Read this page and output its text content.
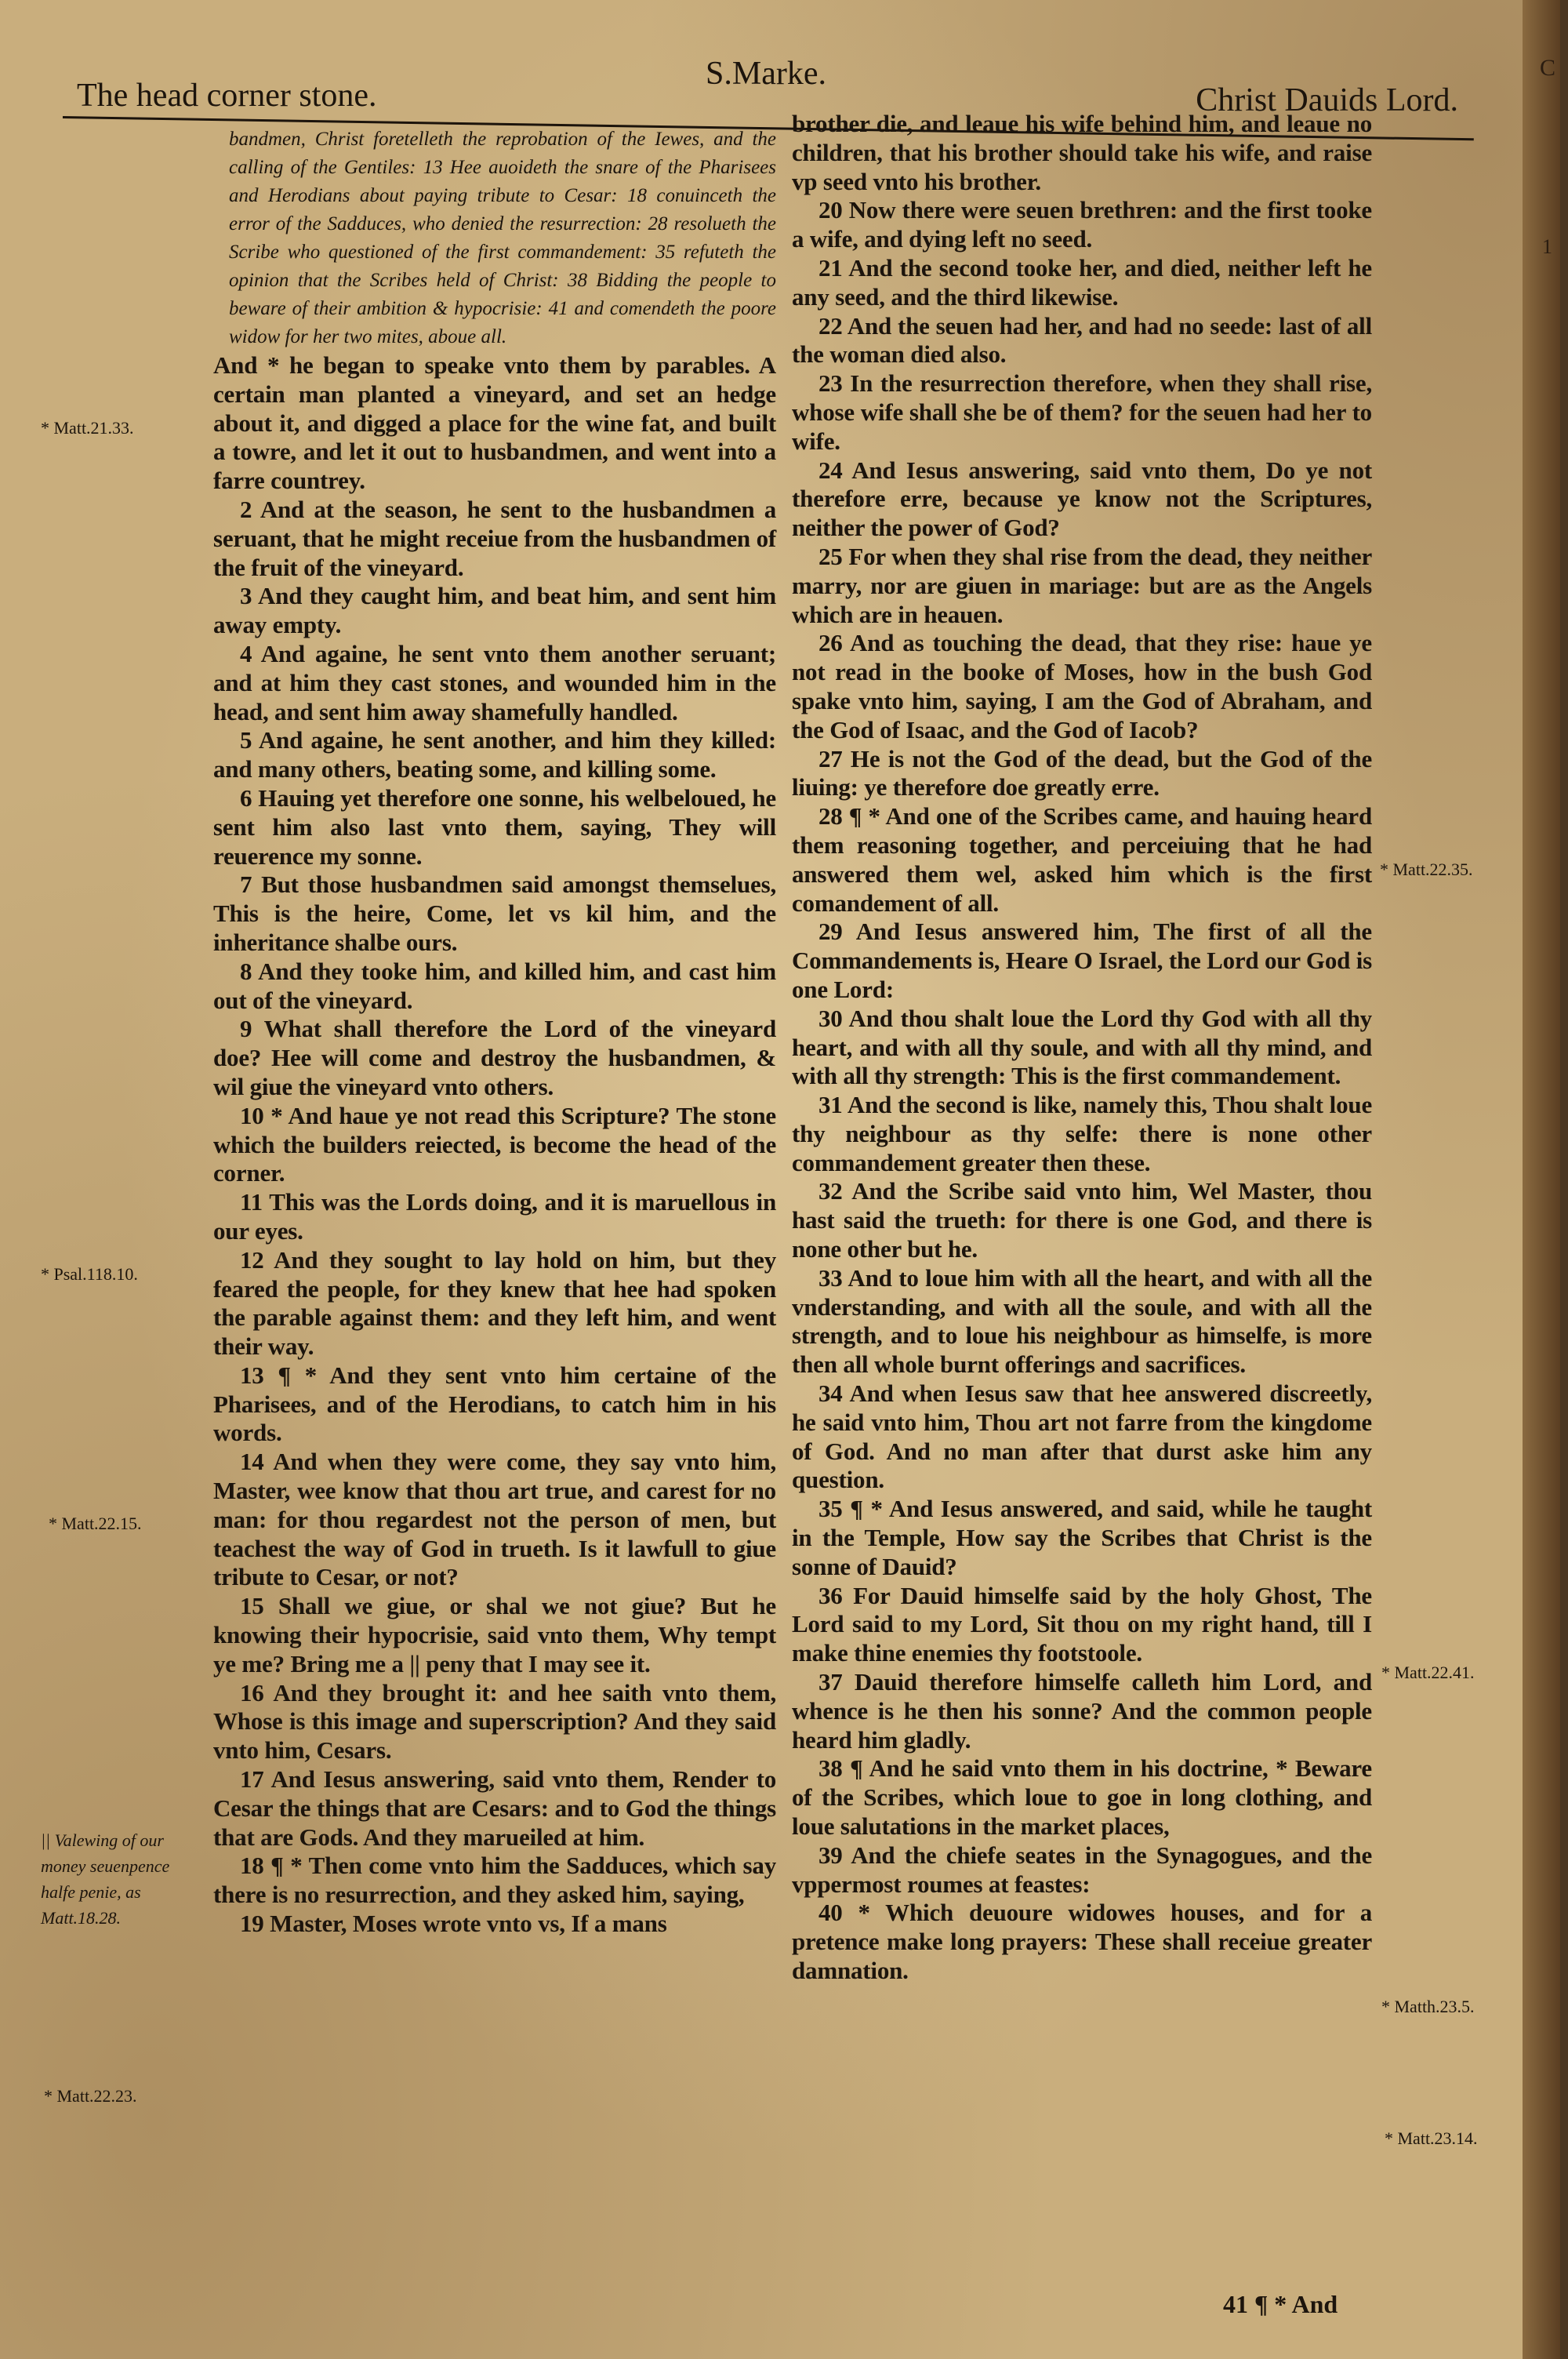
C
1
The head corner stone.
S.Marke.
Christ Dauids Lord.
bandmen, Christ foretelleth the reprobation of the Iewes, and the calling of the Gentiles: 13 Hee auoideth the snare of the Pharisees and Herodians about paying tribute to Cesar: 18 conuinceth the error of the Sadduces, who denied the resurrection: 28 resolueth the Scribe who questioned of the first commandement: 35 refuteth the opinion that the Scribes held of Christ: 38 Bidding the people to beware of their ambition & hypocrisie: 41 and comendeth the poore widow for her two mites, aboue all.
And * he began to speake vnto them by parables. A certain man planted a vineyard, and set an hedge about it, and digged a place for the wine fat, and built a towre, and let it out to husbandmen, and went into a farre countrey.
2 And at the season, he sent to the husbandmen a seruant, that he might receiue from the husbandmen of the fruit of the vineyard.
3 And they caught him, and beat him, and sent him away empty.
4 And againe, he sent vnto them another seruant; and at him they cast stones, and wounded him in the head, and sent him away shamefully handled.
5 And againe, he sent another, and him they killed: and many others, beating some, and killing some.
6 Hauing yet therefore one sonne, his welbeloued, he sent him also last vnto them, saying, They will reuerence my sonne.
7 But those husbandmen said amongst themselues, This is the heire, Come, let vs kil him, and the inheritance shalbe ours.
8 And they tooke him, and killed him, and cast him out of the vineyard.
9 What shall therefore the Lord of the vineyard doe? Hee will come and destroy the husbandmen, & wil giue the vineyard vnto others.
10 * And haue ye not read this Scripture? The stone which the builders reiected, is become the head of the corner.
11 This was the Lords doing, and it is maruellous in our eyes.
12 And they sought to lay hold on him, but they feared the people, for they knew that hee had spoken the parable against them: and they left him, and went their way.
13 ¶ * And they sent vnto him certaine of the Pharisees, and of the Herodians, to catch him in his words.
14 And when they were come, they say vnto him, Master, wee know that thou art true, and carest for no man: for thou regardest not the person of men, but teachest the way of God in trueth. Is it lawfull to giue tribute to Cesar, or not?
15 Shall we giue, or shal we not giue? But he knowing their hypocrisie, said vnto them, Why tempt ye me? Bring me a || peny that I may see it.
16 And they brought it: and hee saith vnto them, Whose is this image and superscription? And they said vnto him, Cesars.
17 And Iesus answering, said vnto them, Render to Cesar the things that are Cesars: and to God the things that are Gods. And they marueiled at him.
18 ¶ * Then come vnto him the Sadduces, which say there is no resurrection, and they asked him, saying,
19 Master, Moses wrote vnto vs, If a mans
brother die, and leaue his wife behind him, and leaue no children, that his brother should take his wife, and raise vp seed vnto his brother.
20 Now there were seuen brethren: and the first tooke a wife, and dying left no seed.
21 And the second tooke her, and died, neither left he any seed, and the third likewise.
22 And the seuen had her, and had no seede: last of all the woman died also.
23 In the resurrection therefore, when they shall rise, whose wife shall she be of them? for the seuen had her to wife.
24 And Iesus answering, said vnto them, Do ye not therefore erre, because ye know not the Scriptures, neither the power of God?
25 For when they shal rise from the dead, they neither marry, nor are giuen in mariage: but are as the Angels which are in heauen.
26 And as touching the dead, that they rise: haue ye not read in the booke of Moses, how in the bush God spake vnto him, saying, I am the God of Abraham, and the God of Isaac, and the God of Iacob?
27 He is not the God of the dead, but the God of the liuing: ye therefore doe greatly erre.
28 ¶ * And one of the Scribes came, and hauing heard them reasoning together, and perceiuing that he had answered them wel, asked him which is the first comandement of all.
29 And Iesus answered him, The first of all the Commandements is, Heare O Israel, the Lord our God is one Lord:
30 And thou shalt loue the Lord thy God with all thy heart, and with all thy soule, and with all thy mind, and with all thy strength: This is the first commandement.
31 And the second is like, namely this, Thou shalt loue thy neighbour as thy selfe: there is none other commandement greater then these.
32 And the Scribe said vnto him, Wel Master, thou hast said the trueth: for there is one God, and there is none other but he.
33 And to loue him with all the heart, and with all the vnderstanding, and with all the soule, and with all the strength, and to loue his neighbour as himselfe, is more then all whole burnt offerings and sacrifices.
34 And when Iesus saw that hee answered discreetly, he said vnto him, Thou art not farre from the kingdome of God. And no man after that durst aske him any question.
35 ¶ * And Iesus answered, and said, while he taught in the Temple, How say the Scribes that Christ is the sonne of Dauid?
36 For Dauid himselfe said by the holy Ghost, The Lord said to my Lord, Sit thou on my right hand, till I make thine enemies thy footstoole.
37 Dauid therefore himselfe calleth him Lord, and whence is he then his sonne? And the common people heard him gladly.
38 ¶ And he said vnto them in his doctrine, * Beware of the Scribes, which loue to goe in long clothing, and loue salutations in the market places,
39 And the chiefe seates in the Synagogues, and the vppermost roumes at feastes:
40 * Which deuoure widowes houses, and for a pretence make long prayers: These shall receiue greater damnation.
* Matt.21.33.
* Psal.118.10.
* Matt.22.15.
|| Valewing of our money seuenpence halfe penie, as Matt.18.28.
* Matt.22.23.
* Matt.22.35.
* Matt.22.41.
* Matth.23.5.
* Matt.23.14.
41 ¶ * And
